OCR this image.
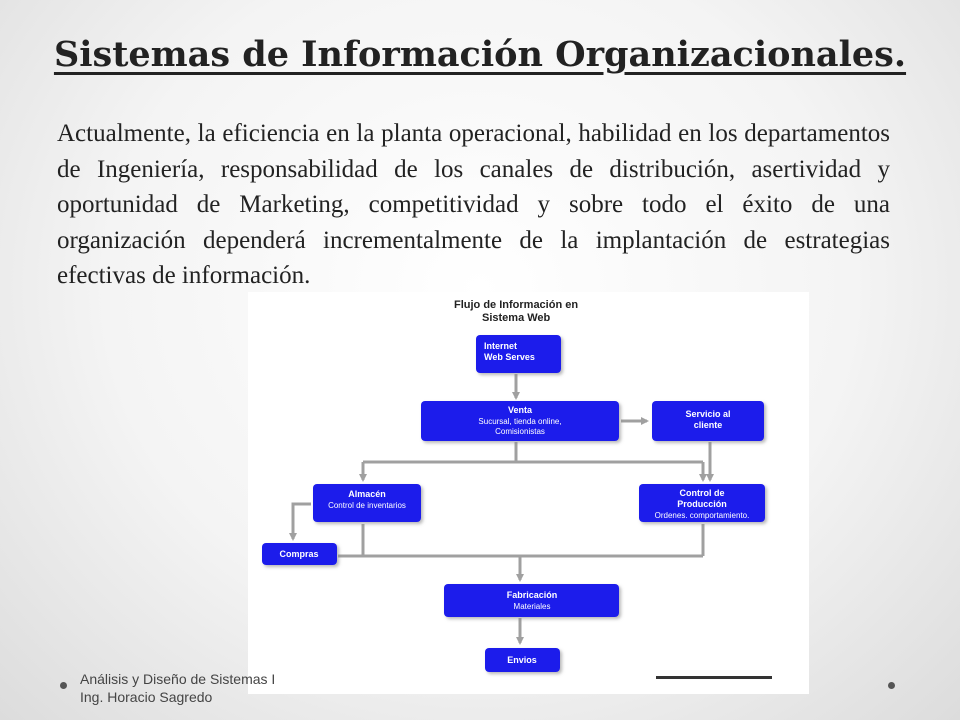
Sistemas de Información Organizacionales.

Actualmente, la eficiencia en la planta operacional, habilidad en los departamentos de Ingeniería, responsabilidad de los canales de distribución, asertividad y oportunidad de Marketing, competitividad y sobre todo el éxito de una organización dependerá incrementalmente de la implantación de estrategias efectivas de información.

Flujo de Información en
Sistema Web
Internet
Web Serves
Venta
Sucursal, tienda online,
Comisionistas
Servicio al
cliente
Almacén
Control de inventarios
Control de
Producción
Ordenes. comportamiento.
Compras
Fabricación
Materiales
Envios
Análisis y Diseño de Sistemas I
Ing. Horacio Sagredo
